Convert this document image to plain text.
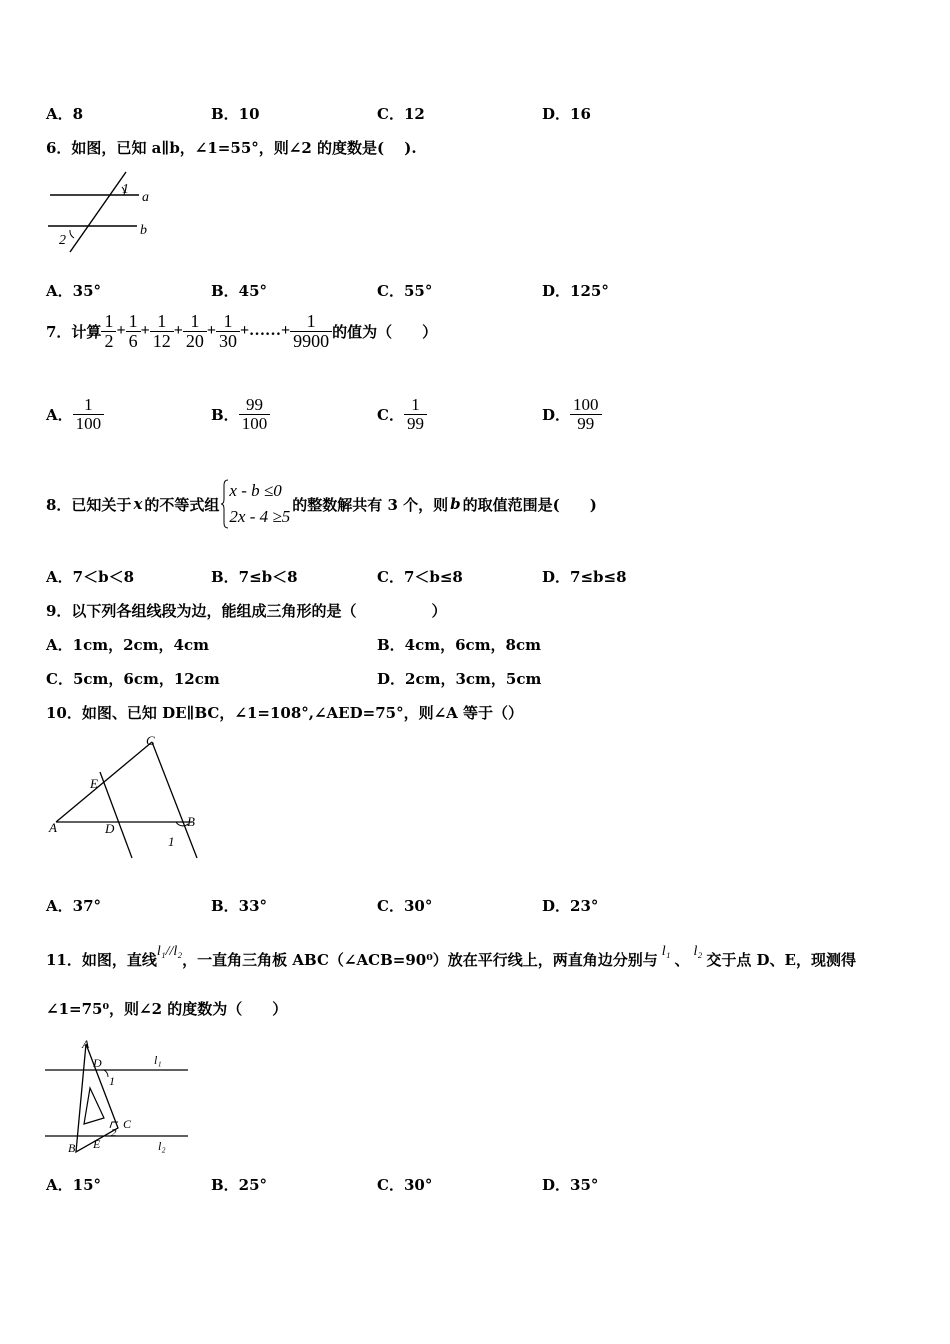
A．8	B．10	C．12	D．16
6．如图，已知 a∥b，∠1=55°，则∠2 的度数是(　 ).
1
a
b
2
A．35°	B．45°	C．55°	D．125°
7．计算 $\frac{1}{2} + \frac{1}{6} + \frac{1}{12} + \frac{1}{20} + \frac{1}{30}$ +……+ $\frac{1}{9900}$ 的值为（　　）
A． $\frac{1}{100}$	B． $\frac{99}{100}$	C． $\frac{1}{99}$	D． $\frac{100}{99}$
8．已知关于 x 的不等式组
x - b ≤0
2x - 4 ≥5
的整数解共有 3 个，则 b 的取值范围是(　　)
A．7＜b＜8	B．7≤b＜8	C．7＜b≤8	D．7≤b≤8
9．以下列各组线段为边，能组成三角形的是（　　　　　）
A．1cm，2cm，4cm	B．4cm，6cm，8cm
C．5cm，6cm，12cm	D．2cm，3cm，5cm
10．如图、已知 DE∥BC，∠1=108°,∠AED=75°，则∠A 等于（）
C
E
A	D	B
1
A．37°	B．33°	C．30°	D．23°
11．如图，直线 l₁//l₂ ，一直角三角板 ABC（∠ACB=90⁰）放在平行线上，两直角边分别与 l₁ 、 l₂ 交于点 D、E，现测得
∠1=75⁰，则∠2 的度数为（　　）
A
D
1
C
2
B E
l₁
l₂
A．15°	B．25°	C．30°	D．35°
